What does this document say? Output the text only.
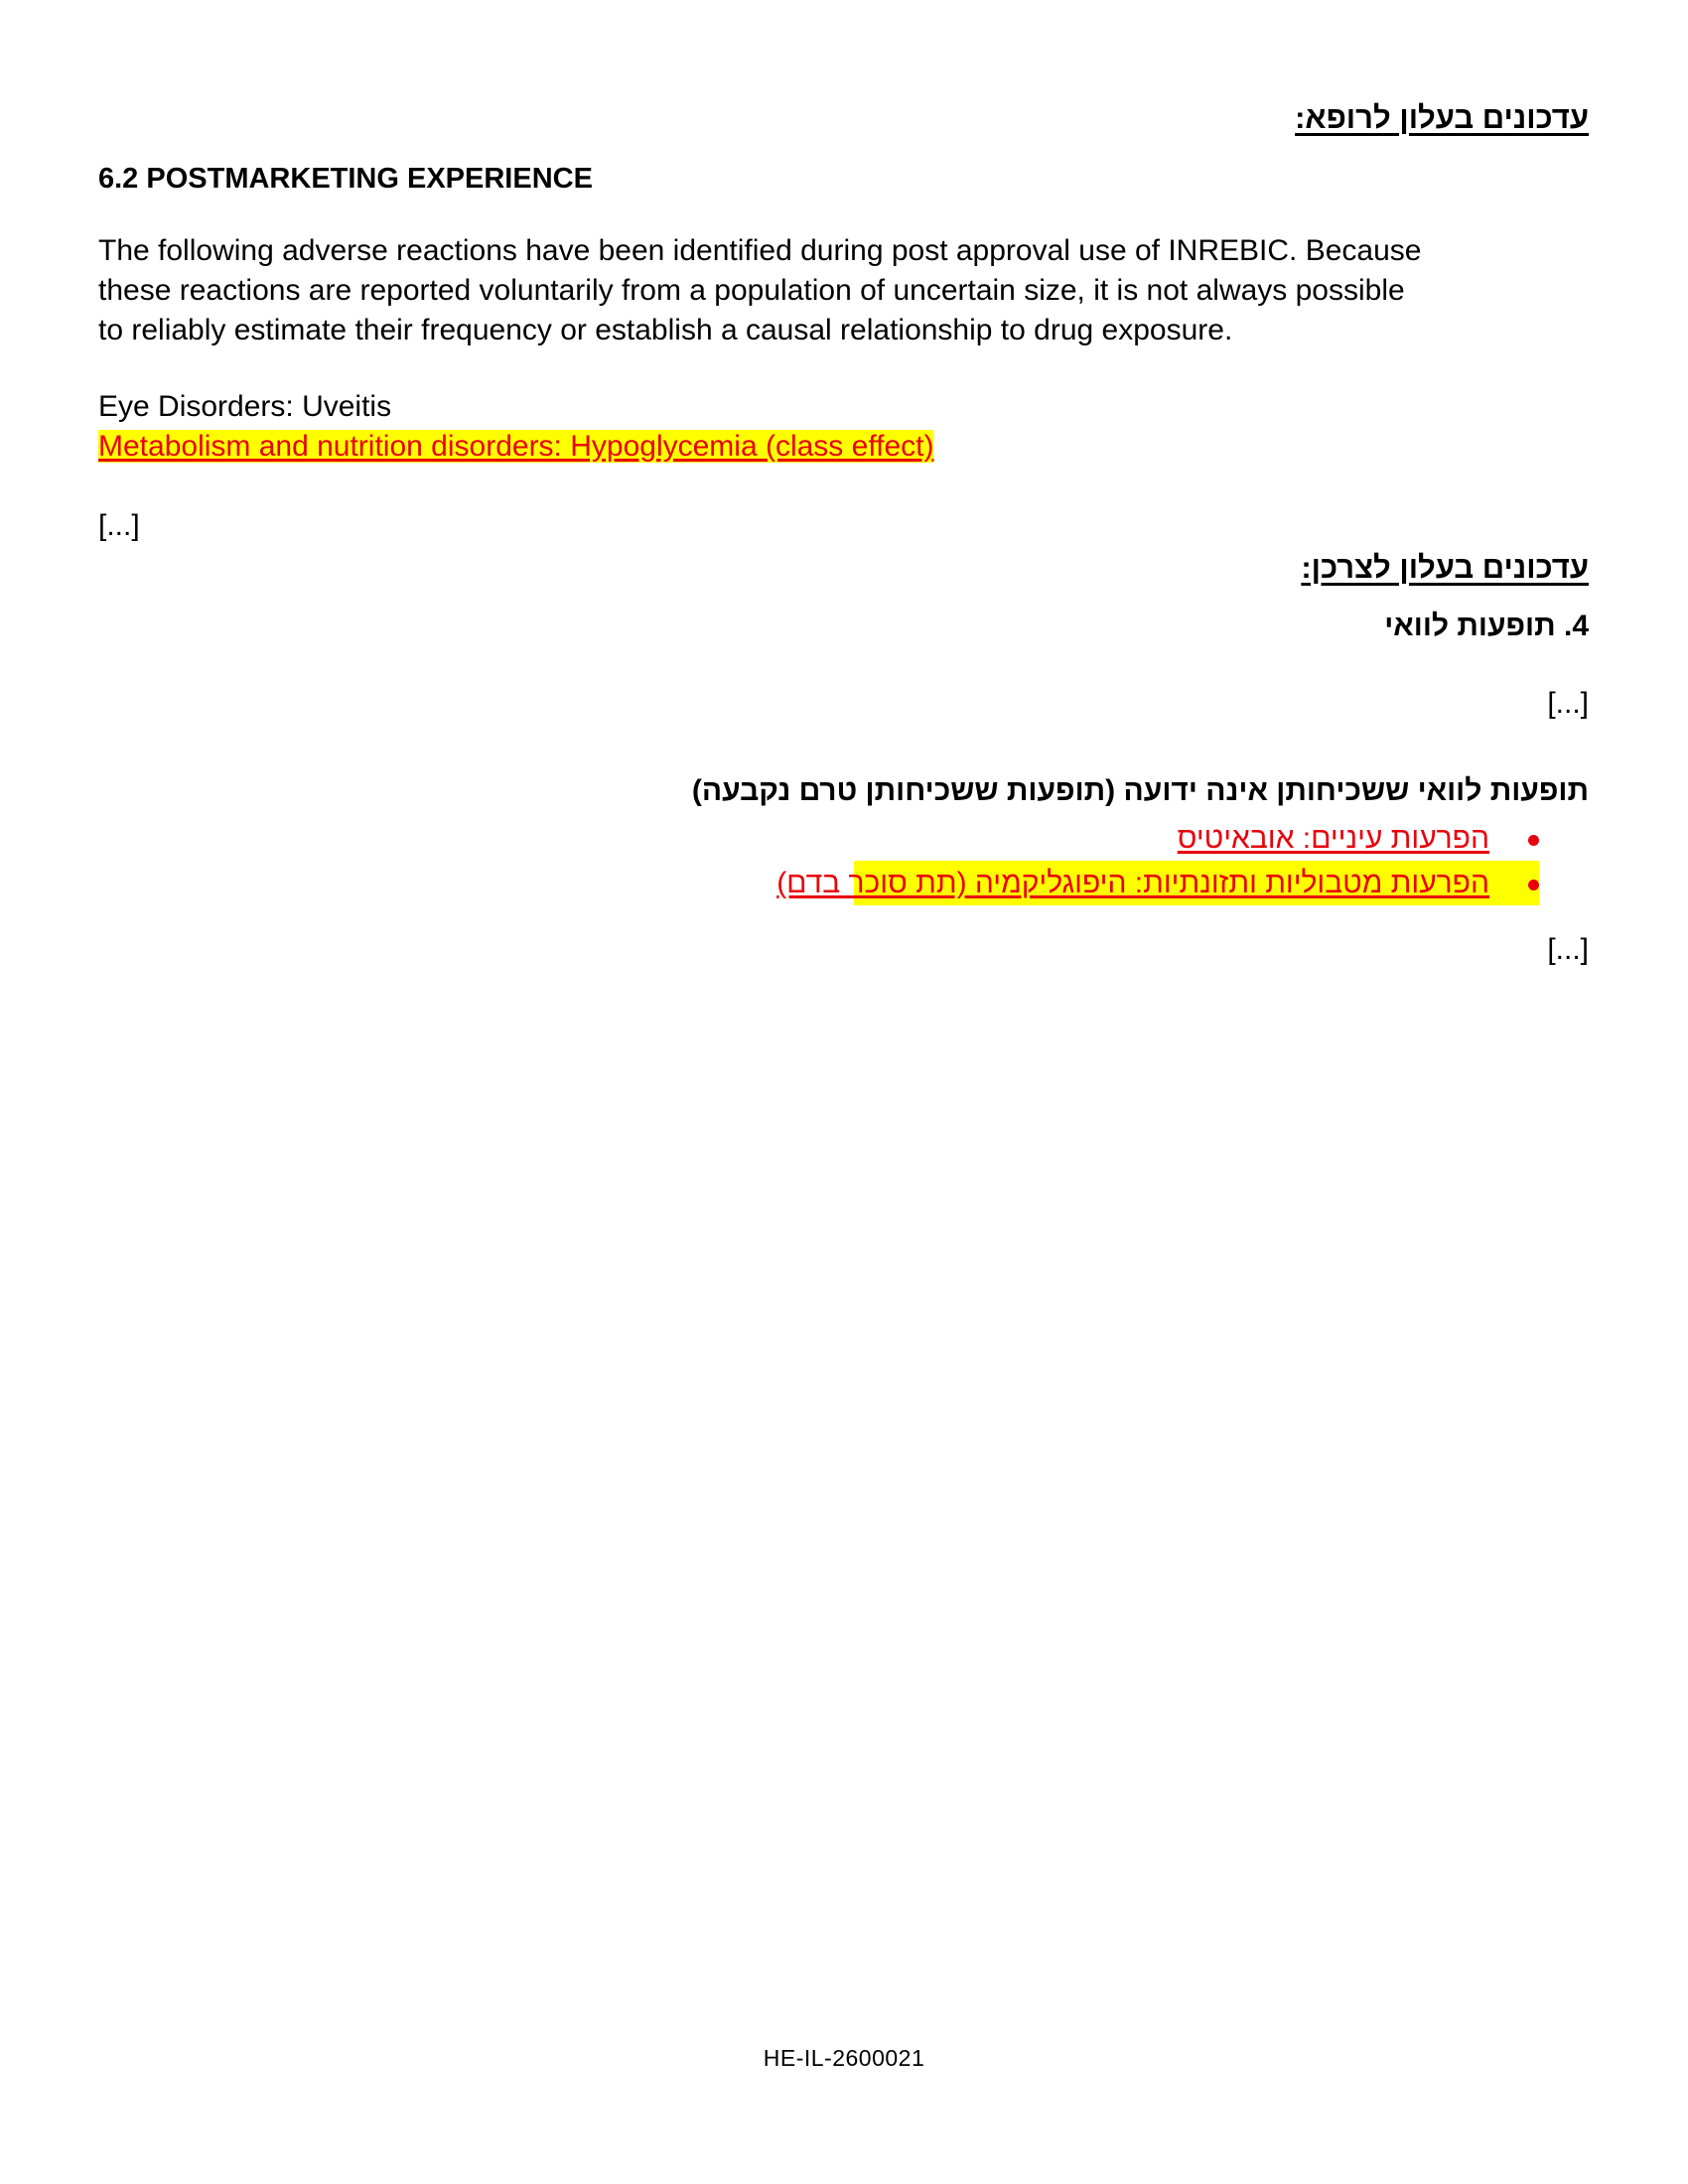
עדכונים בעלון לרופא:
6.2 POSTMARKETING EXPERIENCE
The following adverse reactions have been identified during post approval use of INREBIC. Because
these reactions are reported voluntarily from a population of uncertain size, it is not always possible
to reliably estimate their frequency or establish a causal relationship to drug exposure.
Eye Disorders: Uveitis
Metabolism and nutrition disorders: Hypoglycemia (class effect)
[...]
עדכונים בעלון לצרכן:
4. תופעות לוואי
[...]
תופעות לוואי ששכיחותן אינה ידועה (תופעות ששכיחותן טרם נקבעה)
הפרעות עיניים: אובאיטיס
הפרעות מטבוליות ותזונתיות: היפוגליקמיה (תת סוכר בדם)
[...]
HE-IL-2600021
